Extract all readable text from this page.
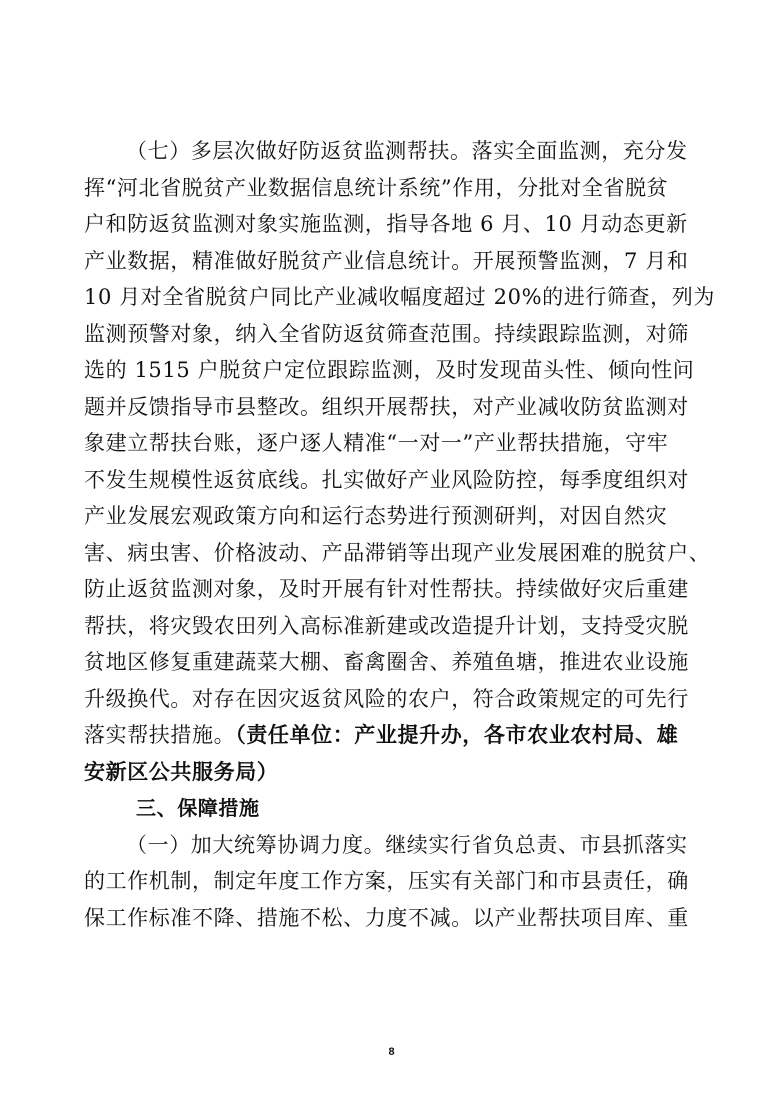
（七）多层次做好防返贫监测帮扶。落实全面监测，充分发
挥“河北省脱贫产业数据信息统计系统”作用，分批对全省脱贫
户和防返贫监测对象实施监测，指导各地 6 月、10 月动态更新
产业数据，精准做好脱贫产业信息统计。开展预警监测，7 月和
10 月对全省脱贫户同比产业减收幅度超过 20%的进行筛查，列为
监测预警对象，纳入全省防返贫筛查范围。持续跟踪监测，对筛
选的 1515 户脱贫户定位跟踪监测，及时发现苗头性、倾向性问
题并反馈指导市县整改。组织开展帮扶，对产业减收防贫监测对
象建立帮扶台账，逐户逐人精准“一对一”产业帮扶措施，守牢
不发生规模性返贫底线。扎实做好产业风险防控，每季度组织对
产业发展宏观政策方向和运行态势进行预测研判，对因自然灾
害、病虫害、价格波动、产品滞销等出现产业发展困难的脱贫户、
防止返贫监测对象，及时开展有针对性帮扶。持续做好灾后重建
帮扶，将灾毁农田列入高标准新建或改造提升计划，支持受灾脱
贫地区修复重建蔬菜大棚、畜禽圈舍、养殖鱼塘，推进农业设施
升级换代。对存在因灾返贫风险的农户，符合政策规定的可先行
落实帮扶措施。（责任单位：产业提升办，各市农业农村局、雄
安新区公共服务局）
三、保障措施
（一）加大统筹协调力度。继续实行省负总责、市县抓落实
的工作机制，制定年度工作方案，压实有关部门和市县责任，确
保工作标准不降、措施不松、力度不减。以产业帮扶项目库、重
8
